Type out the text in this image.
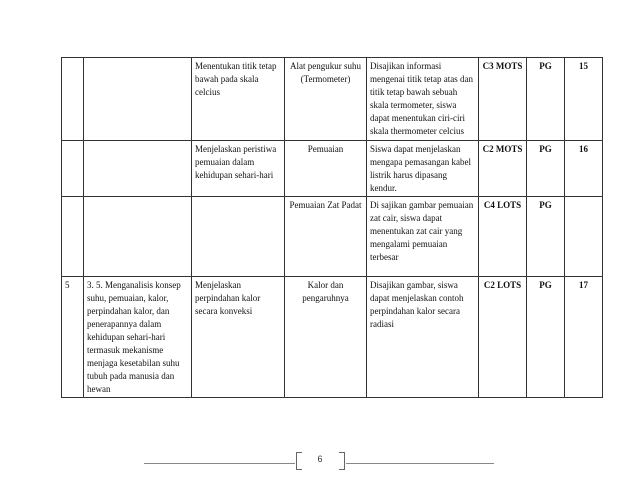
		Menentukan titik tetap bawah pada skala celcius	Alat pengukur suhu (Termometer)	Disajikan informasi mengenai titik tetap atas dan titik tetap bawah sebuah skala termometer, siswa dapat menentukan ciri-ciri skala thermometer celcius	C3 MOTS	PG	15
		Menjelaskan peristiwa pemuaian dalam kehidupan sehari-hari	Pemuaian	Siswa dapat menjelaskan mengapa pemasangan kabel listrik harus dipasang kendur.	C2 MOTS	PG	16
			Pemuaian Zat Padat	Di sajikan gambar pemuaian zat cair, siswa dapat menentukan zat cair yang mengalami pemuaian terbesar	C4 LOTS	PG	
5	3. 5. Menganalisis konsep suhu, pemuaian, kalor, perpindahan kalor, dan penerapannya dalam kehidupan sehari-hari termasuk mekanisme menjaga kesetabilan suhu tubuh pada manusia dan hewan	Menjelaskan perpindahan kalor secara konveksi	Kalor dan pengaruhnya	Disajikan gambar, siswa dapat menjelaskan contoh perpindahan kalor secara radiasi	C2 LOTS	PG	17
6
